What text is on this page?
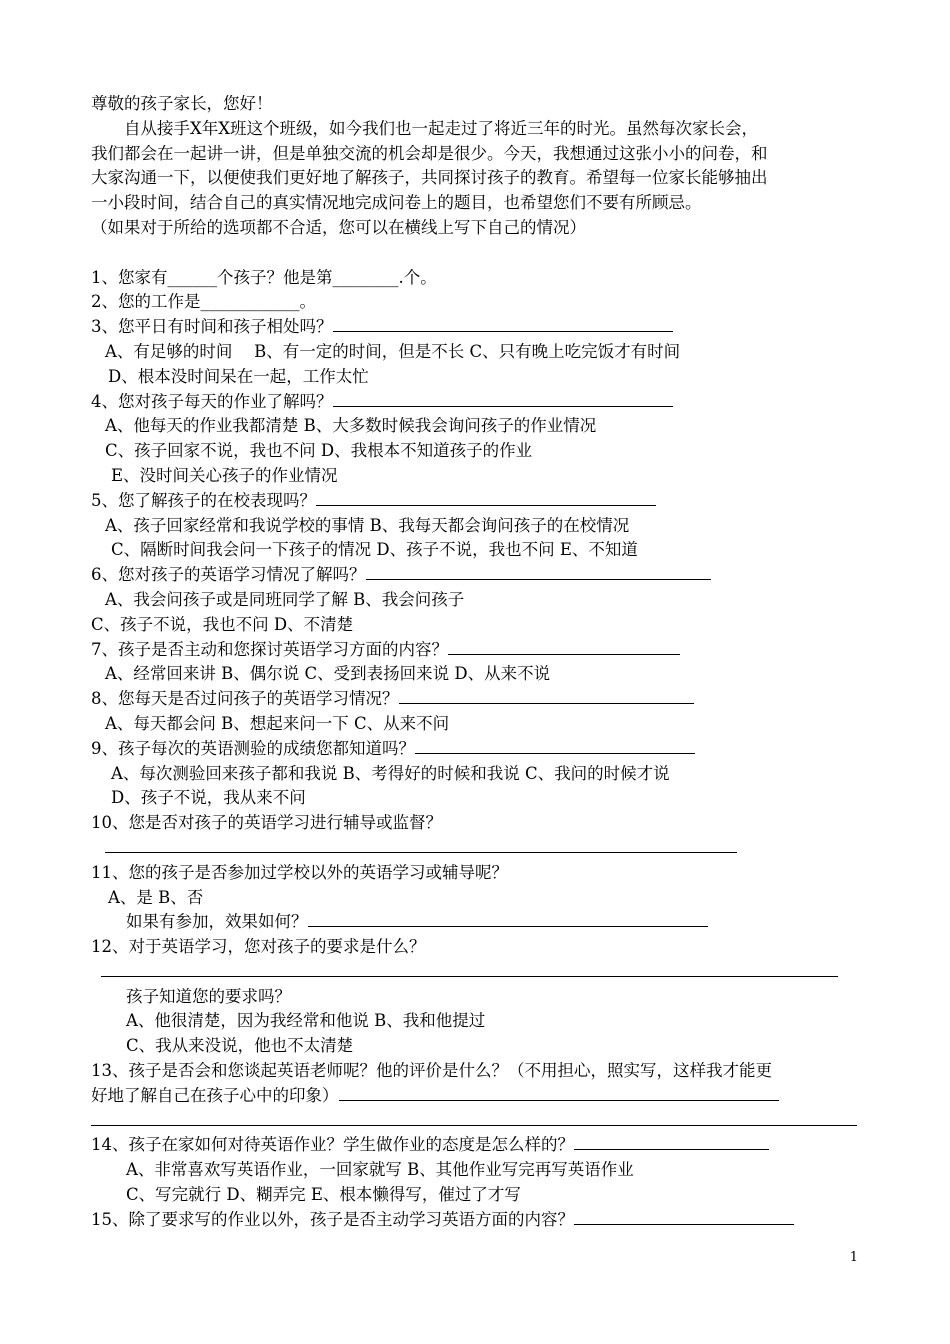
尊敬的孩子家长，您好！
　　自从接手X年X班这个班级，如今我们也一起走过了将近三年的时光。虽然每次家长会，
我们都会在一起讲一讲，但是单独交流的机会却是很少。今天，我想通过这张小小的问卷，和
大家沟通一下，以便使我们更好地了解孩子，共同探讨孩子的教育。希望每一位家长能够抽出
一小段时间，结合自己的真实情况地完成问卷上的题目，也希望您们不要有所顾忌。
（如果对于所给的选项都不合适，您可以在横线上写下自己的情况）
1、您家有______个孩子？他是第________.个。
2、您的工作是____________。
3、您平日有时间和孩子相处吗？
A、有足够的时间　 B、有一定的时间，但是不长 C、只有晚上吃完饭才有时间
D、根本没时间呆在一起，工作太忙
4、您对孩子每天的作业了解吗？
A、他每天的作业我都清楚 B、大多数时候我会询问孩子的作业情况
C、孩子回家不说，我也不问 D、我根本不知道孩子的作业
E、没时间关心孩子的作业情况
5、您了解孩子的在校表现吗？
A、孩子回家经常和我说学校的事情 B、我每天都会询问孩子的在校情况
C、隔断时间我会问一下孩子的情况 D、孩子不说，我也不问 E、不知道
6、您对孩子的英语学习情况了解吗？
A、我会问孩子或是同班同学了解 B、我会问孩子
C、孩子不说，我也不问 D、不清楚
7、孩子是否主动和您探讨英语学习方面的内容？
A、经常回来讲 B、偶尔说 C、受到表扬回来说 D、从来不说
8、您每天是否过问孩子的英语学习情况？
A、每天都会问 B、想起来问一下 C、从来不问
9、孩子每次的英语测验的成绩您都知道吗？
A、每次测验回来孩子都和我说 B、考得好的时候和我说 C、我问的时候才说
D、孩子不说，我从来不问
10、您是否对孩子的英语学习进行辅导或监督？
11、您的孩子是否参加过学校以外的英语学习或辅导呢？
A、是 B、否
如果有参加，效果如何？
12、对于英语学习，您对孩子的要求是什么？
孩子知道您的要求吗？
A、他很清楚，因为我经常和他说 B、我和他提过
C、我从来没说，他也不太清楚
13、孩子是否会和您谈起英语老师呢？他的评价是什么？（不用担心，照实写，这样我才能更
好地了解自己在孩子心中的印象）
14、孩子在家如何对待英语作业？学生做作业的态度是怎么样的？
A、非常喜欢写英语作业，一回家就写 B、其他作业写完再写英语作业
C、写完就行 D、糊弄完 E、根本懒得写，催过了才写
15、除了要求写的作业以外，孩子是否主动学习英语方面的内容？
1
